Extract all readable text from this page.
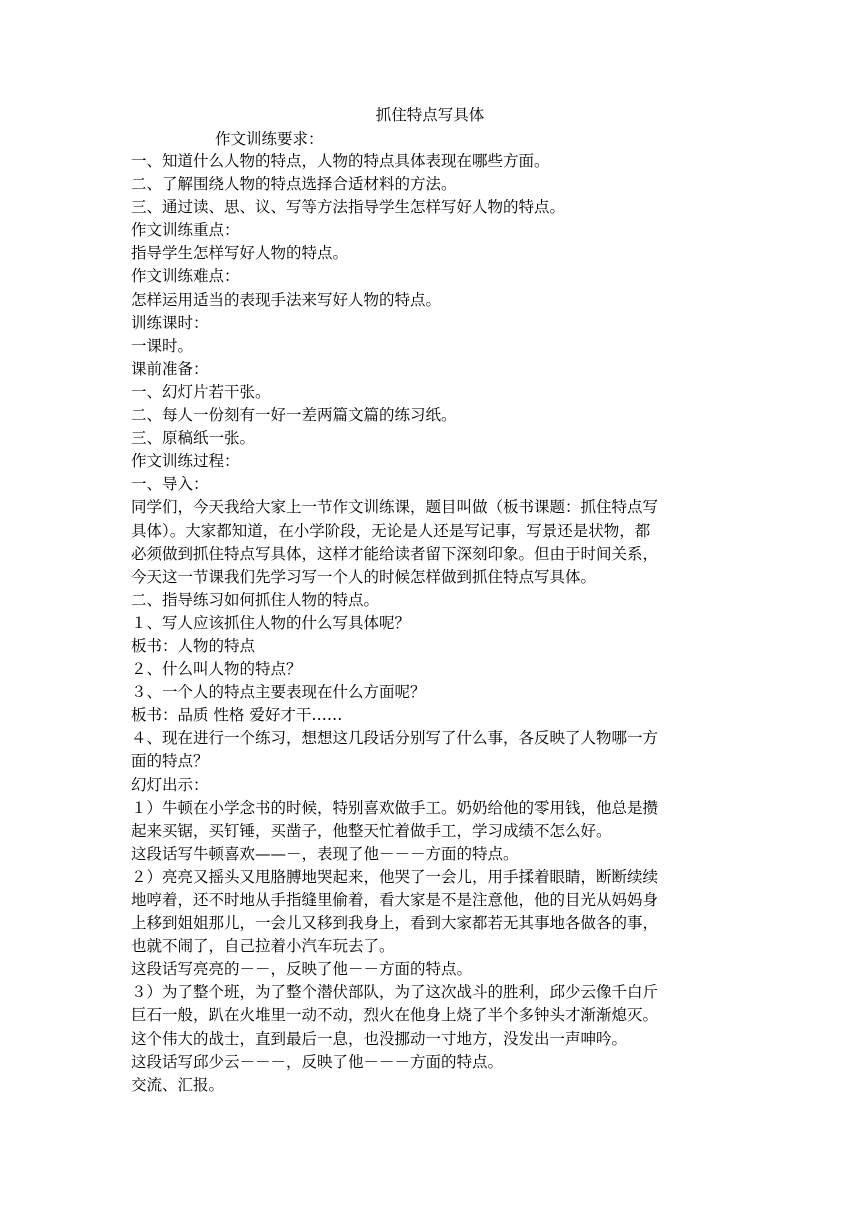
抓住特点写具体
作文训练要求：
一、知道什么人物的特点，人物的特点具体表现在哪些方面。
二、了解围绕人物的特点选择合适材料的方法。
三、通过读、思、议、写等方法指导学生怎样写好人物的特点。
作文训练重点：
指导学生怎样写好人物的特点。
作文训练难点：
怎样运用适当的表现手法来写好人物的特点。
训练课时：
一课时。
课前准备：
一、幻灯片若干张。
二、每人一份刻有一好一差两篇文篇的练习纸。
三、原稿纸一张。
作文训练过程：
一、导入：
同学们，今天我给大家上一节作文训练课，题目叫做（板书课题：抓住特点写
具体）。大家都知道，在小学阶段，无论是人还是写记事，写景还是状物，都
必须做到抓住特点写具体，这样才能给读者留下深刻印象。但由于时间关系，
今天这一节课我们先学习写一个人的时候怎样做到抓住特点写具体。
二、指导练习如何抓住人物的特点。
１、写人应该抓住人物的什么写具体呢？
板书：人物的特点
２、什么叫人物的特点？
３、一个人的特点主要表现在什么方面呢？
板书：品质 性格 爱好才干……
４、现在进行一个练习，想想这几段话分别写了什么事，各反映了人物哪一方
面的特点？
幻灯出示：
１）牛顿在小学念书的时候，特别喜欢做手工。奶奶给他的零用钱，他总是攒
起来买锯，买钉锤，买凿子，他整天忙着做手工，学习成绩不怎么好。
这段话写牛顿喜欢——－，表现了他－－－方面的特点。
２）亮亮又摇头又甩胳膊地哭起来，他哭了一会儿，用手揉着眼睛，断断续续
地哼着，还不时地从手指缝里偷着，看大家是不是注意他，他的目光从妈妈身
上移到姐姐那儿，一会儿又移到我身上，看到大家都若无其事地各做各的事，
也就不闹了，自己拉着小汽车玩去了。
这段话写亮亮的－－，反映了他－－方面的特点。
３）为了整个班，为了整个潜伏部队，为了这次战斗的胜利，邱少云像千白斤
巨石一般，趴在火堆里一动不动，烈火在他身上烧了半个多钟头才渐渐熄灭。
这个伟大的战士，直到最后一息，也没挪动一寸地方，没发出一声呻吟。
这段话写邱少云－－－，反映了他－－－方面的特点。
交流、汇报。
